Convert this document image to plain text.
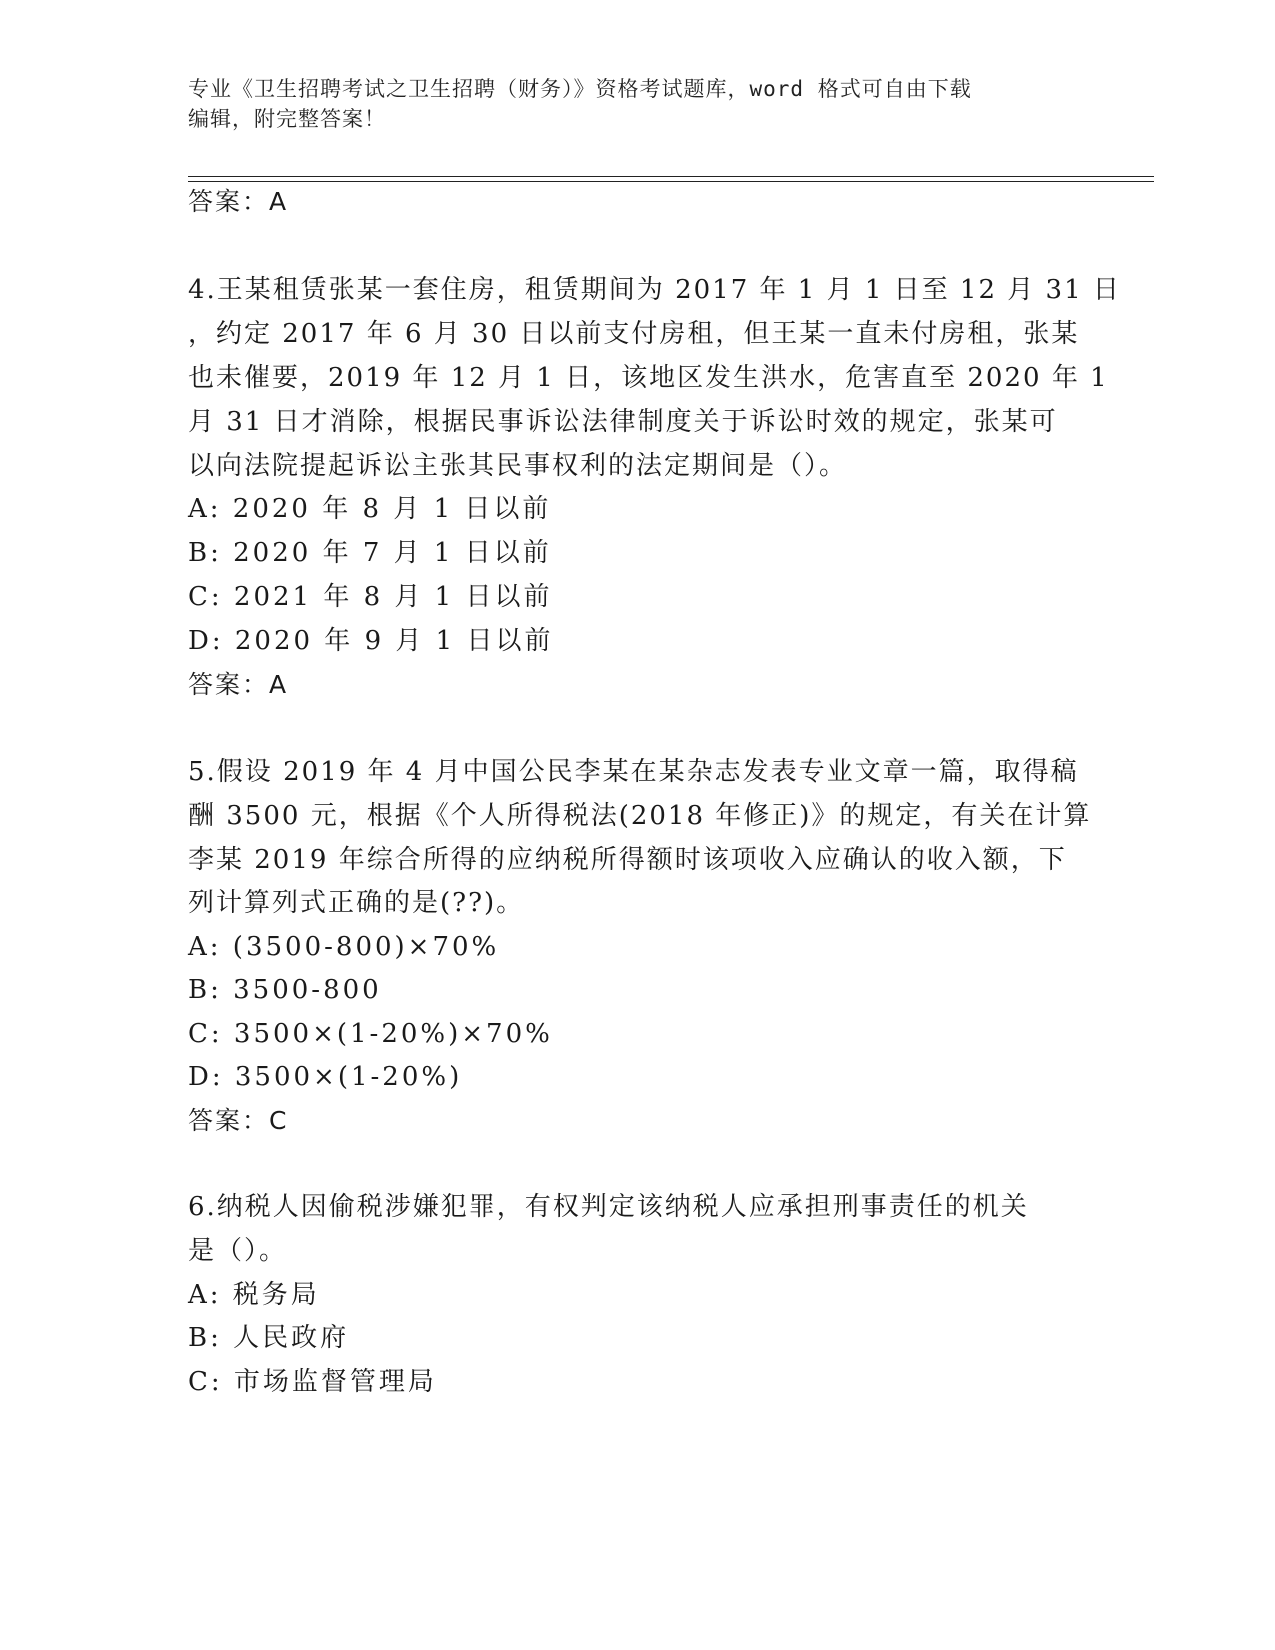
专业《卫生招聘考试之卫生招聘（财务）》资格考试题库，word 格式可自由下载
编辑，附完整答案！
答案：A
4.王某租赁张某一套住房，租赁期间为 2017 年 1 月 1 日至 12 月 31 日
，约定 2017 年 6 月 30 日以前支付房租，但王某一直未付房租，张某
也未催要，2019 年 12 月 1 日，该地区发生洪水，危害直至 2020 年 1
月 31 日才消除，根据民事诉讼法律制度关于诉讼时效的规定，张某可
以向法院提起诉讼主张其民事权利的法定期间是（）。
A: 2020 年 8 月 1 日以前
B: 2020 年 7 月 1 日以前
C: 2021 年 8 月 1 日以前
D: 2020 年 9 月 1 日以前
答案：A
5.假设 2019 年 4 月中国公民李某在某杂志发表专业文章一篇，取得稿
酬 3500 元，根据《个人所得税法(2018 年修正)》的规定，有关在计算
李某 2019 年综合所得的应纳税所得额时该项收入应确认的收入额，下
列计算列式正确的是(??)。
A: (3500-800)×70%
B: 3500-800
C: 3500×(1-20%)×70%
D: 3500×(1-20%)
答案：C
6.纳税人因偷税涉嫌犯罪，有权判定该纳税人应承担刑事责任的机关
是（）。
A: 税务局
B: 人民政府
C: 市场监督管理局
